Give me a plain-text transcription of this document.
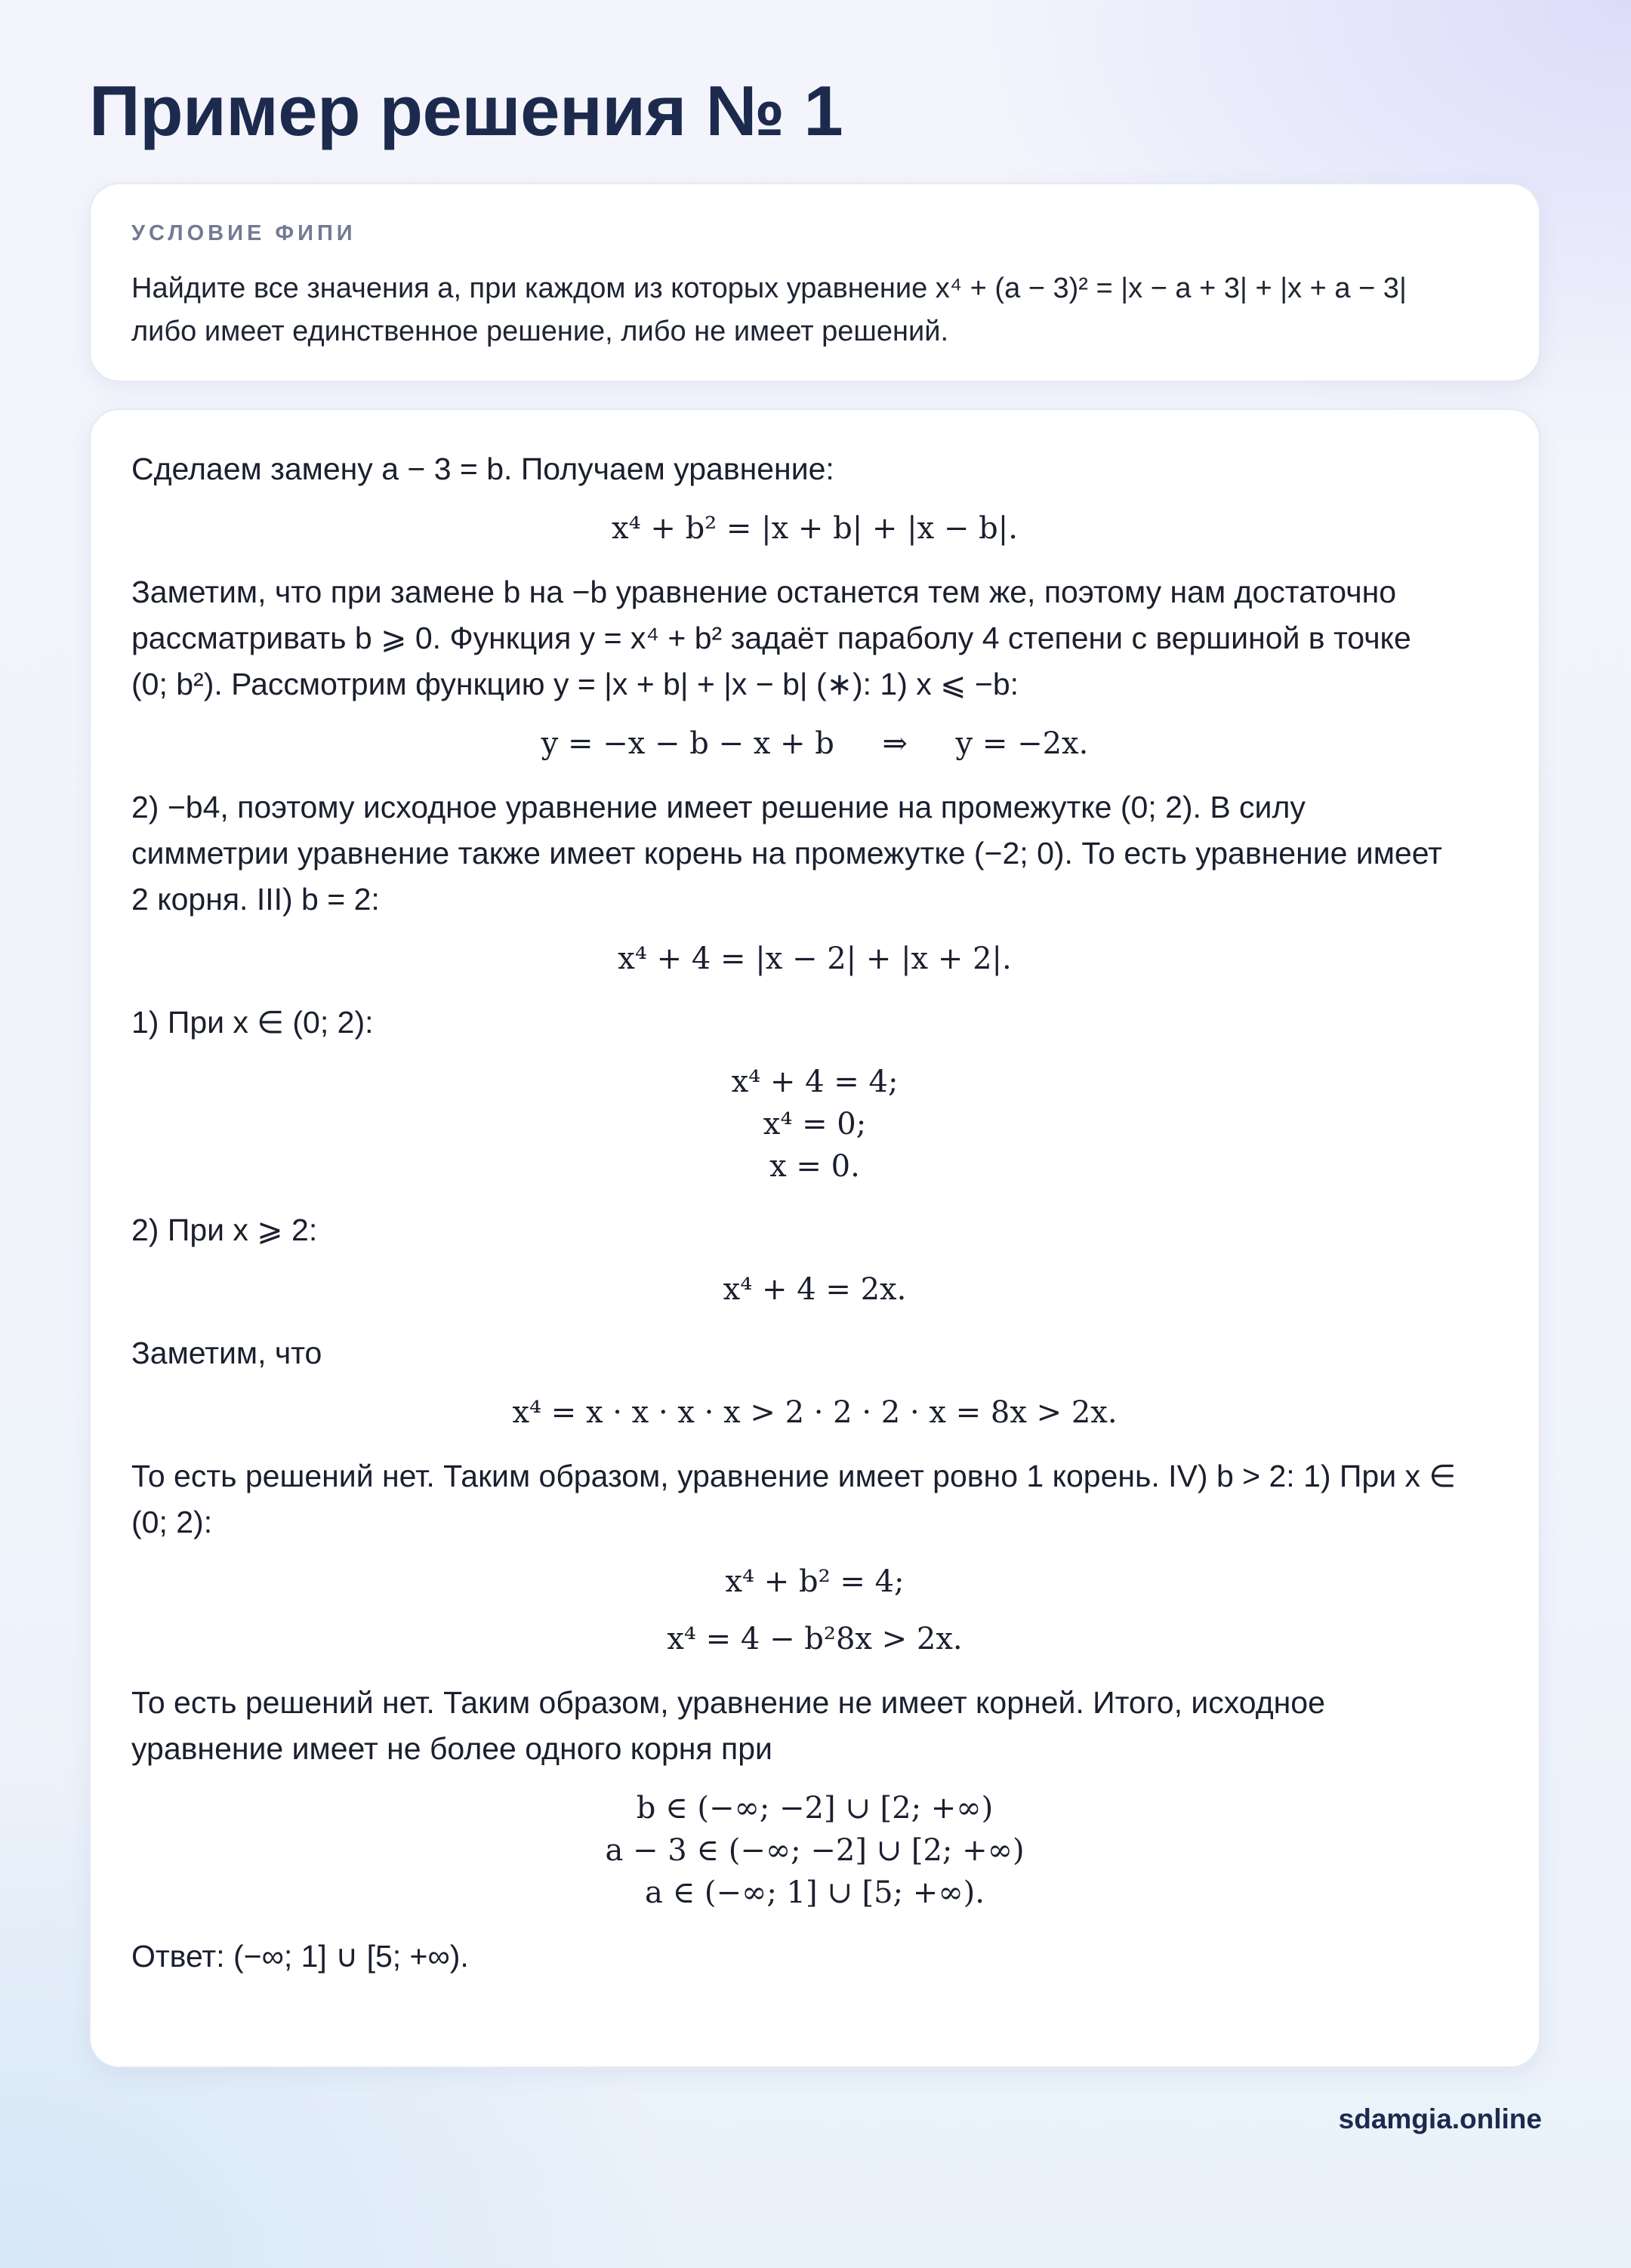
Пример решения № 1
УСЛОВИЕ ФИПИ

Найдите все значения a, при каждом из которых уравнение x⁴ + (a − 3)² = |x − a + 3| + |x + a − 3|

либо имеет единственное решение, либо не имеет решений.

Сделаем замену a − 3 = b. Получаем уравнение:

x⁴ + b² = |x + b| + |x − b|.

Заметим, что при замене b на −b уравнение останется тем же, поэтому нам достаточно

рассматривать b ⩾ 0. Функция y = x⁴ + b² задаёт параболу 4 степени с вершиной в точке

(0; b²). Рассмотрим функцию y = |x + b| + |x − b| (∗): 1) x ⩽ −b:

y = −x − b − x + b     ⇒     y = −2x.

2) −b4, поэтому исходное уравнение имеет решение на промежутке (0; 2). В силу

симметрии уравнение также имеет корень на промежутке (−2; 0). То есть уравнение имеет

2 корня. III) b = 2:

x⁴ + 4 = |x − 2| + |x + 2|.

1) При x ∈ (0; 2):

x⁴ + 4 = 4;

x⁴ = 0;

x = 0.

2) При x ⩾ 2:

x⁴ + 4 = 2x.

Заметим, что

x⁴ = x · x · x · x > 2 · 2 · 2 · x = 8x > 2x.

То есть решений нет. Таким образом, уравнение имеет ровно 1 корень. IV) b > 2: 1) При x ∈

(0; 2):

x⁴ + b² = 4;

x⁴ = 4 − b²8x > 2x.

То есть решений нет. Таким образом, уравнение не имеет корней. Итого, исходное

уравнение имеет не более одного корня при

b ∈ (−∞; −2] ∪ [2; +∞)

a − 3 ∈ (−∞; −2] ∪ [2; +∞)

a ∈ (−∞; 1] ∪ [5; +∞).

Ответ: (−∞; 1] ∪ [5; +∞).

sdamgia.online
